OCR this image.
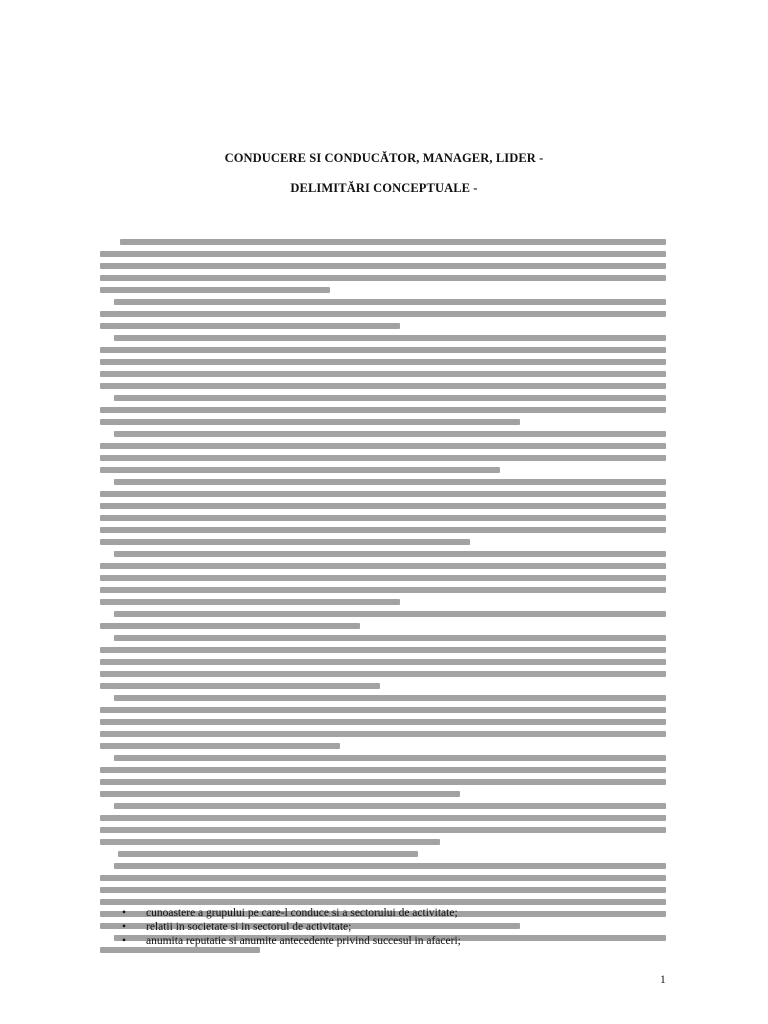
CONDUCERE SI CONDUCĂTOR, MANAGER, LIDER -
DELIMITĂRI CONCEPTUALE -
• cunoastere a grupului pe care-l conduce si a sectorului de activitate;
• relatii in societate si in sectorul de activitate;
• anumita reputatie si anumite antecedente privind succesul in afaceri;
1
